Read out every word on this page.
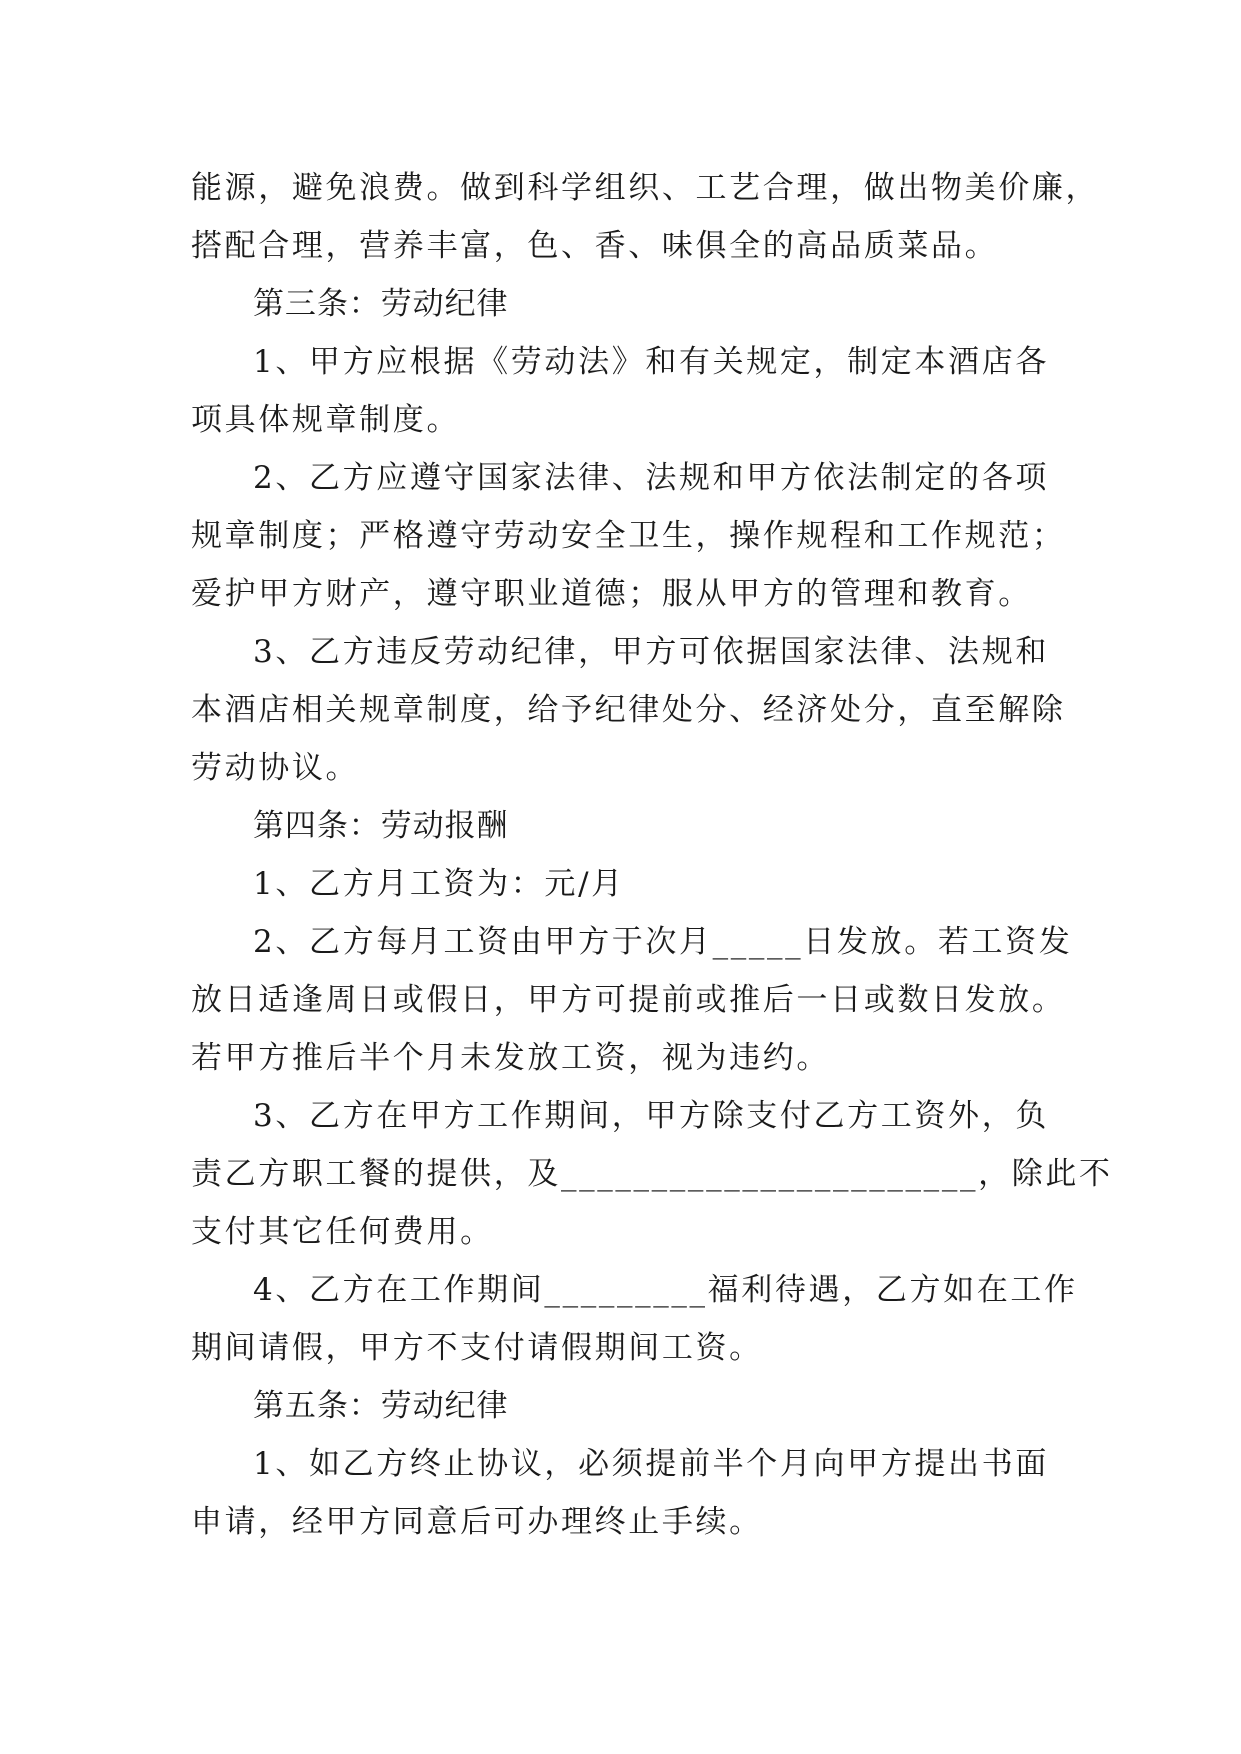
能源，避免浪费。做到科学组织、工艺合理，做出物美价廉，
搭配合理，营养丰富，色、香、味俱全的高品质菜品。
第三条：劳动纪律
1、甲方应根据《劳动法》和有关规定，制定本酒店各
项具体规章制度。
2、乙方应遵守国家法律、法规和甲方依法制定的各项
规章制度；严格遵守劳动安全卫生，操作规程和工作规范；
爱护甲方财产，遵守职业道德；服从甲方的管理和教育。
3、乙方违反劳动纪律，甲方可依据国家法律、法规和
本酒店相关规章制度，给予纪律处分、经济处分，直至解除
劳动协议。
第四条：劳动报酬
1、乙方月工资为：元/月
2、乙方每月工资由甲方于次月_____日发放。若工资发
放日适逢周日或假日，甲方可提前或推后一日或数日发放。
若甲方推后半个月未发放工资，视为违约。
3、乙方在甲方工作期间，甲方除支付乙方工资外，负
责乙方职工餐的提供，及_______________________，除此不
支付其它任何费用。
4、乙方在工作期间_________福利待遇，乙方如在工作
期间请假，甲方不支付请假期间工资。
第五条：劳动纪律
1、如乙方终止协议，必须提前半个月向甲方提出书面
申请，经甲方同意后可办理终止手续。
